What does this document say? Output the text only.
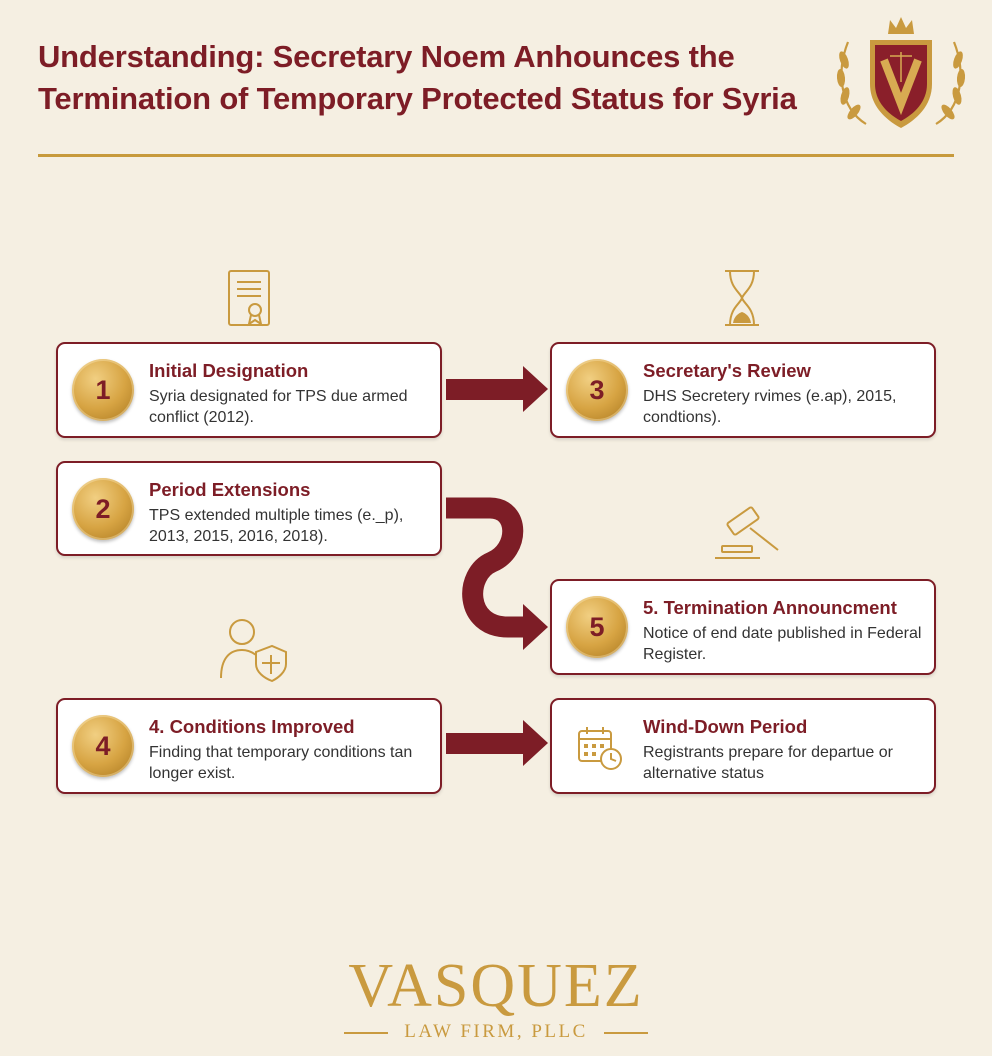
Understanding: Secretary Noem Anhounces the
Termination of Temporary Protected Status for Syria
1
Initial Designation
Syria designated for TPS due armed conflict (2012).
2
Period Extensions
TPS extended multiple times (e._p), 2013, 2015, 2016, 2018).
3
Secretary's Review
DHS Secretery rvimes (e.ap), 2015, condtions).
5
5. Termination Announcment
Notice of end date published in Federal Register.
4
4. Conditions Improved
Finding that temporary conditions tan longer exist.
Wind-Down Period
Registrants prepare for departue or alternative status
VASQUEZ
LAW FIRM, PLLC
